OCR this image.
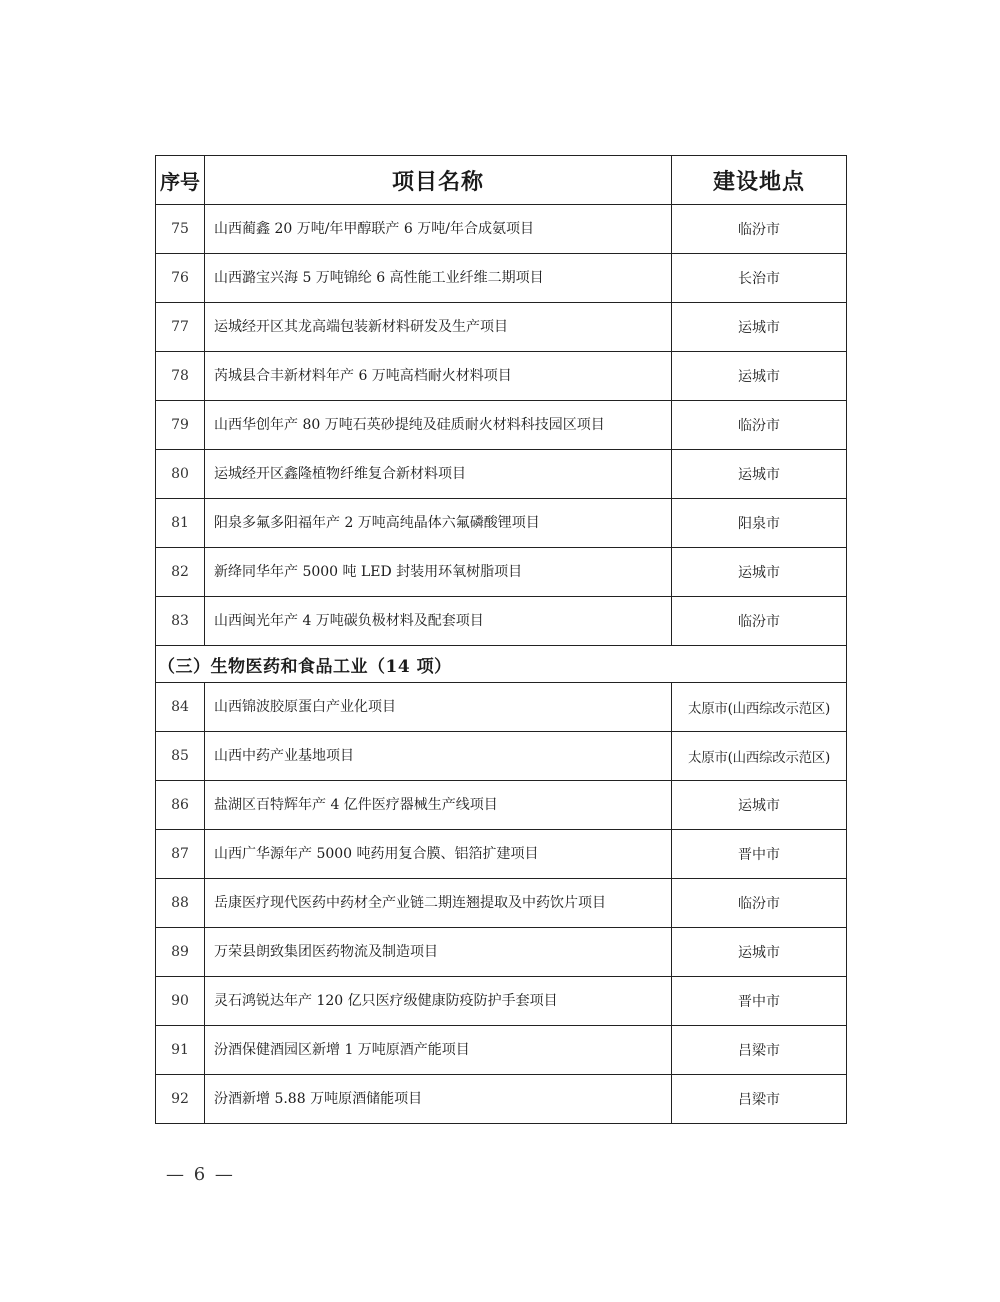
序号	项目名称	建设地点
75	山西蔺鑫 20 万吨/年甲醇联产 6 万吨/年合成氨项目	临汾市
76	山西潞宝兴海 5 万吨锦纶 6 高性能工业纤维二期项目	长治市
77	运城经开区其龙高端包装新材料研发及生产项目	运城市
78	芮城县合丰新材料年产 6 万吨高档耐火材料项目	运城市
79	山西华创年产 80 万吨石英砂提纯及硅质耐火材料科技园区项目	临汾市
80	运城经开区鑫隆植物纤维复合新材料项目	运城市
81	阳泉多氟多阳福年产 2 万吨高纯晶体六氟磷酸锂项目	阳泉市
82	新绛同华年产 5000 吨 LED 封装用环氧树脂项目	运城市
83	山西闽光年产 4 万吨碳负极材料及配套项目	临汾市
（三）生物医药和食品工业（14 项）		
84	山西锦波胶原蛋白产业化项目	太原市(山西综改示范区)
85	山西中药产业基地项目	太原市(山西综改示范区)
86	盐湖区百特辉年产 4 亿件医疗器械生产线项目	运城市
87	山西广华源年产 5000 吨药用复合膜、铝箔扩建项目	晋中市
88	岳康医疗现代医药中药材全产业链二期连翘提取及中药饮片项目	临汾市
89	万荣县朗致集团医药物流及制造项目	运城市
90	灵石鸿锐达年产 120 亿只医疗级健康防疫防护手套项目	晋中市
91	汾酒保健酒园区新增 1 万吨原酒产能项目	吕梁市
92	汾酒新增 5.88 万吨原酒储能项目	吕梁市
— 6 —
